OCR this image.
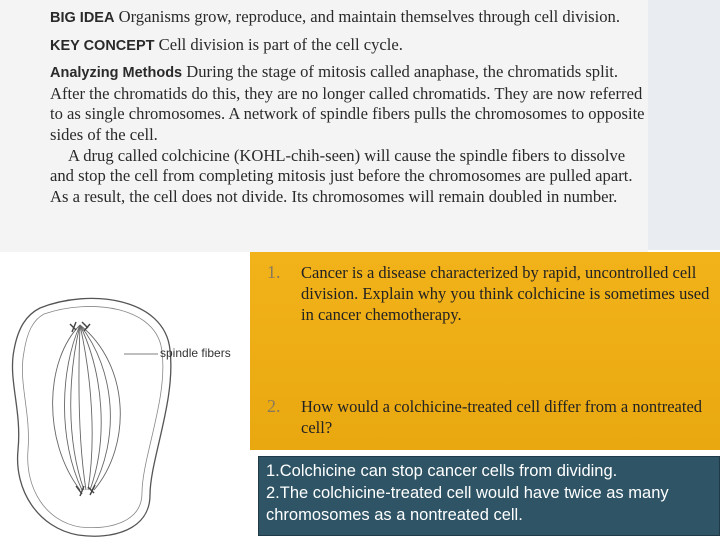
BIG IDEA Organisms grow, reproduce, and maintain themselves through cell division.

KEY CONCEPT Cell division is part of the cell cycle.

Analyzing Methods During the stage of mitosis called anaphase, the chromatids split. After the chromatids do this, they are no longer called chromatids. They are now referred to as single chromosomes. A network of spindle fibers pulls the chromosomes to opposite sides of the cell.

A drug called colchicine (KOHL-chih-seen) will cause the spindle fibers to dissolve and stop the cell from completing mitosis just before the chromosomes are pulled apart. As a result, the cell does not divide. Its chromosomes will remain doubled in number.

spindle fibers
1. Cancer is a disease characterized by rapid, uncontrolled cell division. Explain why you think colchicine is sometimes used in cancer chemotherapy.
2. How would a colchicine-treated cell differ from a nontreated cell?

1.Colchicine can stop cancer cells from dividing.

2.The colchicine-treated cell would have twice as many chromosomes as a nontreated cell.
